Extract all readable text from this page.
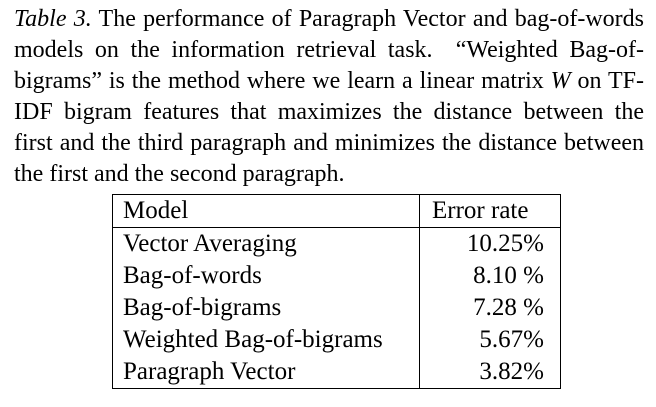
Table 3. The performance of Paragraph Vector and bag-of-words models on the information retrieval task.  “Weighted Bag-of-bigrams” is the method where we learn a linear matrix W on TF-IDF bigram features that maximizes the distance between the first and the third paragraph and minimizes the distance between the first and the second paragraph.
Model	Error rate
Vector Averaging	10.25%
Bag-of-words	8.10 %
Bag-of-bigrams	7.28 %
Weighted Bag-of-bigrams	5.67%
Paragraph Vector	3.82%
